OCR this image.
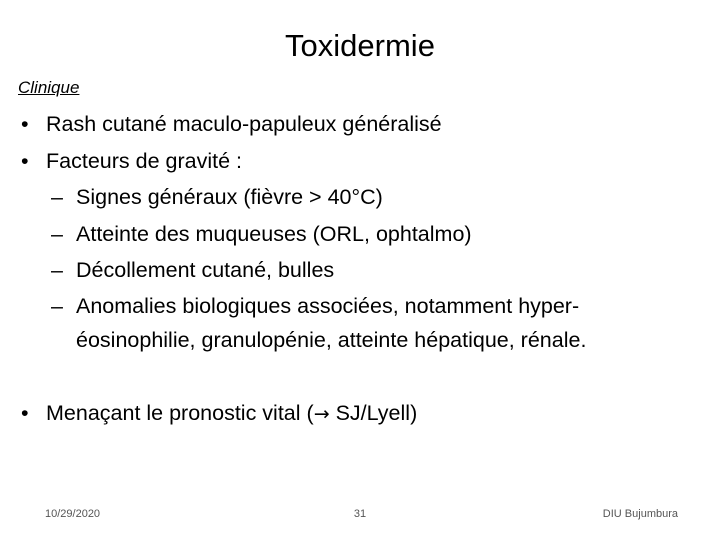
Toxidermie
Clinique
• Rash cutané maculo-papuleux généralisé
• Facteurs de gravité :
– Signes généraux (fièvre > 40°C)
– Atteinte des muqueuses (ORL, ophtalmo)
– Décollement cutané, bulles
– Anomalies biologiques associées, notamment hyper-
éosinophilie, granulopénie, atteinte hépatique, rénale.
• Menaçant le pronostic vital (→ SJ/Lyell)
10/29/2020	31	DIU Bujumbura
